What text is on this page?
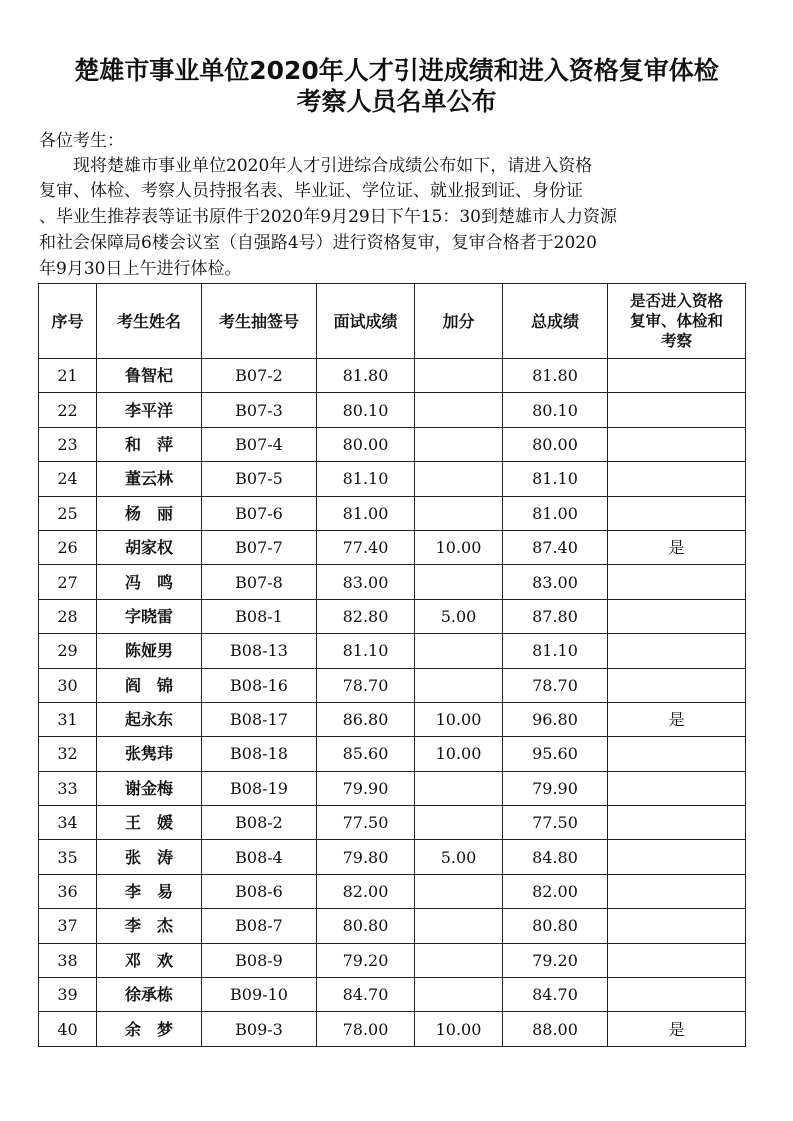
楚雄市事业单位2020年人才引进成绩和进入资格复审体检
考察人员名单公布
各位考生：
现将楚雄市事业单位2020年人才引进综合成绩公布如下，请进入资格
复审、体检、考察人员持报名表、毕业证、学位证、就业报到证、身份证
、毕业生推荐表等证书原件于2020年9月29日下午15：30到楚雄市人力资源
和社会保障局6楼会议室（自强路4号）进行资格复审，复审合格者于2020
年9月30日上午进行体检。
序号	考生姓名	考生抽签号	面试成绩	加分	总成绩	是否进入资格
复审、体检和
考察

21	鲁智杞	B07-2	81.80		81.80	
22	李平洋	B07-3	80.10		80.10	
23	和　萍	B07-4	80.00		80.00	
24	董云林	B07-5	81.10		81.10	
25	杨　丽	B07-6	81.00		81.00	
26	胡家权	B07-7	77.40	10.00	87.40	是
27	冯　鸣	B07-8	83.00		83.00	
28	字晓雷	B08-1	82.80	5.00	87.80	
29	陈娅男	B08-13	81.10		81.10	
30	阎　锦	B08-16	78.70		78.70	
31	起永东	B08-17	86.80	10.00	96.80	是
32	张隽玮	B08-18	85.60	10.00	95.60	
33	谢金梅	B08-19	79.90		79.90	
34	王　媛	B08-2	77.50		77.50	
35	张　涛	B08-4	79.80	5.00	84.80	
36	李　易	B08-6	82.00		82.00	
37	李　杰	B08-7	80.80		80.80	
38	邓　欢	B08-9	79.20		79.20	
39	徐承栋	B09-10	84.70		84.70	
40	余　梦	B09-3	78.00	10.00	88.00	是
